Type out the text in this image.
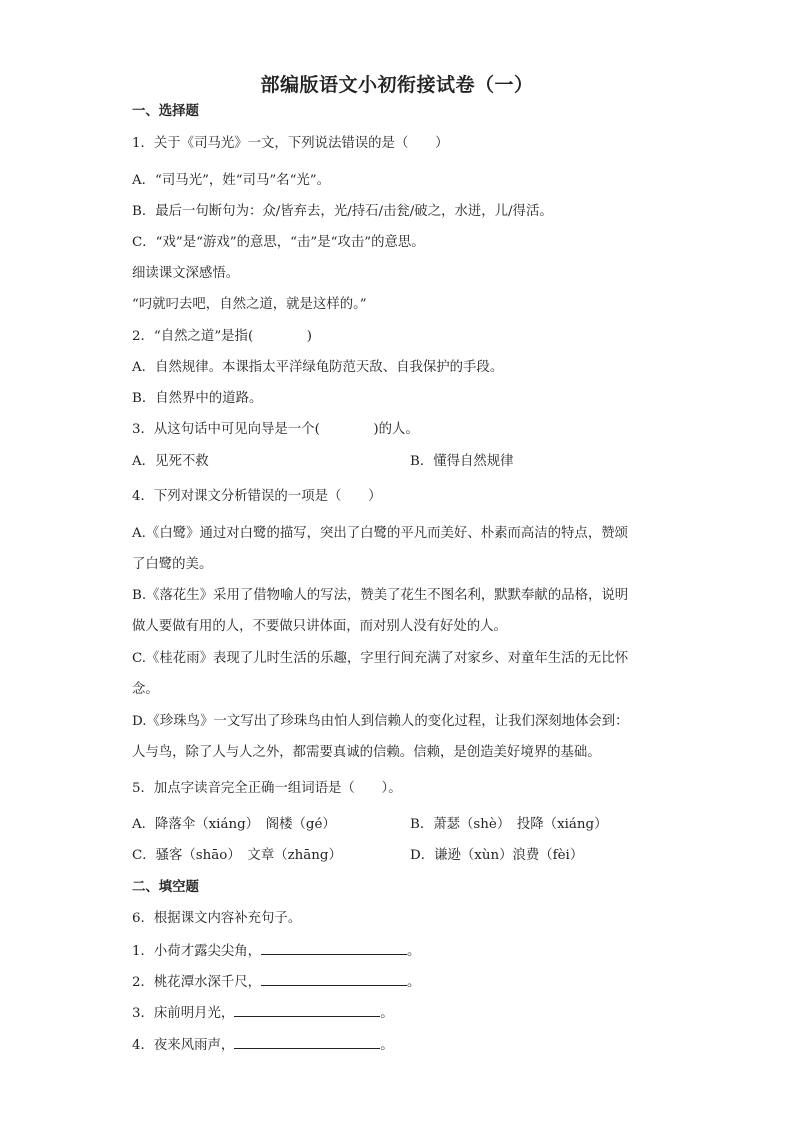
部编版语文小初衔接试卷（一）
一、选择题
1．关于《司马光》一文，下列说法错误的是（　　）
A．“司马光”，姓“司马”名“光”。
B．最后一句断句为：众/皆弃去，光/持石/击瓮/破之，水迸，儿/得活。
C．“戏”是“游戏”的意思，“击”是“攻击”的意思。
细读课文深感悟。
“叼就叼去吧，自然之道，就是这样的。”
2．“自然之道”是指(　　　　)
A．自然规律。本课指太平洋绿龟防范天敌、自我保护的手段。
B．自然界中的道路。
3．从这句话中可见向导是一个(　　　　)的人。
A．见死不救	B．懂得自然规律
4．下列对课文分析错误的一项是（　　）
A.《白鹭》通过对白鹭的描写，突出了白鹭的平凡而美好、朴素而高洁的特点，赞颂
了白鹭的美。
B.《落花生》采用了借物喻人的写法，赞美了花生不图名利，默默奉献的品格，说明
做人要做有用的人，不要做只讲体面，而对别人没有好处的人。
C.《桂花雨》表现了儿时生活的乐趣，字里行间充满了对家乡、对童年生活的无比怀
念。
D.《珍珠鸟》一文写出了珍珠鸟由怕人到信赖人的变化过程，让我们深刻地体会到：
人与鸟，除了人与人之外，都需要真诚的信赖。信赖，是创造美好境界的基础。
5．加点字读音完全正确一组词语是（　　）。
A．降落伞（xiáng）　阁楼（gé）	B．萧瑟（shè）　投降（xiáng）
C．骚客（shāo）　文章（zhāng）	D．谦逊（xùn）浪费（fèi）
二、填空题
6．根据课文内容补充句子。
1．小荷才露尖尖角，	。
2．桃花潭水深千尺，	。
3．床前明月光，	。
4．夜来风雨声，	。
